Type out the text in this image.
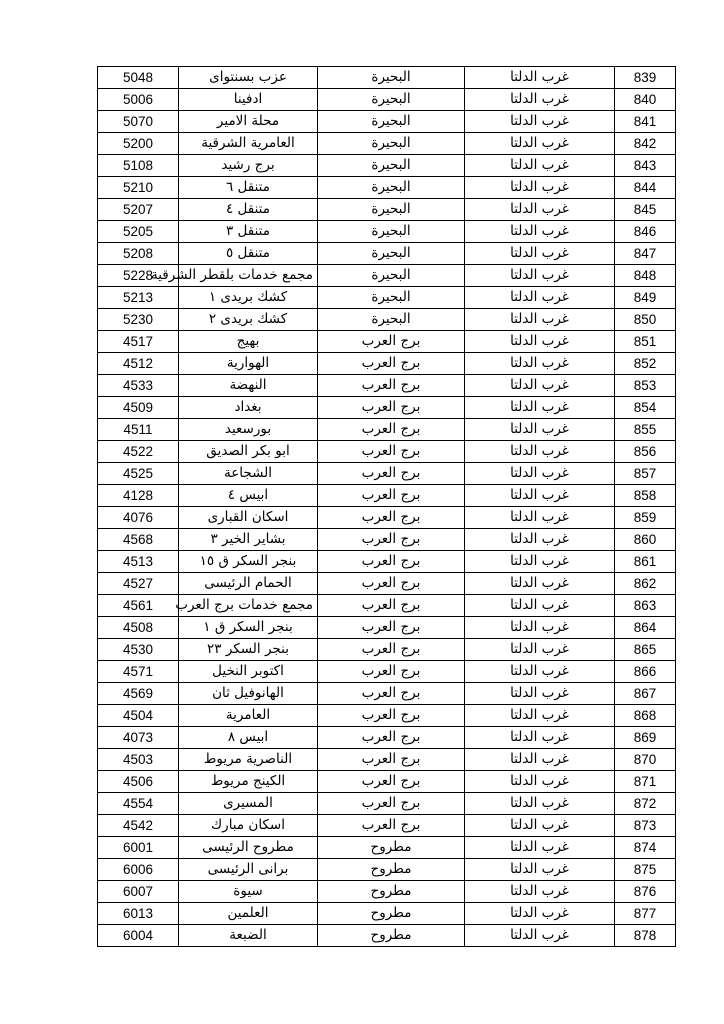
5048	عزب بسنتواى	البحيرة	غرب الدلتا	839
5006	ادفينا	البحيرة	غرب الدلتا	840
5070	محلة الامير	البحيرة	غرب الدلتا	841
5200	العامرية الشرقية	البحيرة	غرب الدلتا	842
5108	برج رشيد	البحيرة	غرب الدلتا	843
5210	متنقل ٦	البحيرة	غرب الدلتا	844
5207	متنقل ٤	البحيرة	غرب الدلتا	845
5205	متنقل ٣	البحيرة	غرب الدلتا	846
5208	متنقل ٥	البحيرة	غرب الدلتا	847
5228	مجمع خدمات بلقطر الشرقية	البحيرة	غرب الدلتا	848
5213	كشك بريدى ١	البحيرة	غرب الدلتا	849
5230	كشك بريدى ٢	البحيرة	غرب الدلتا	850
4517	بهيج	برج العرب	غرب الدلتا	851
4512	الهوارية	برج العرب	غرب الدلتا	852
4533	النهضة	برج العرب	غرب الدلتا	853
4509	بغداد	برج العرب	غرب الدلتا	854
4511	بورسعيد	برج العرب	غرب الدلتا	855
4522	ابو بكر الصديق	برج العرب	غرب الدلتا	856
4525	الشجاعة	برج العرب	غرب الدلتا	857
4128	ابيس ٤	برج العرب	غرب الدلتا	858
4076	اسكان القبارى	برج العرب	غرب الدلتا	859
4568	بشاير الخير ٣	برج العرب	غرب الدلتا	860
4513	بنجر السكر ق ١٥	برج العرب	غرب الدلتا	861
4527	الحمام الرئيسى	برج العرب	غرب الدلتا	862
4561	مجمع خدمات برج العرب	برج العرب	غرب الدلتا	863
4508	بنجر السكر ق ١	برج العرب	غرب الدلتا	864
4530	بنجر السكر ٢٣	برج العرب	غرب الدلتا	865
4571	اكتوبر النخيل	برج العرب	غرب الدلتا	866
4569	الهانوفيل ثان	برج العرب	غرب الدلتا	867
4504	العامرية	برج العرب	غرب الدلتا	868
4073	ابيس ٨	برج العرب	غرب الدلتا	869
4503	الناصرية مريوط	برج العرب	غرب الدلتا	870
4506	الكينج مريوط	برج العرب	غرب الدلتا	871
4554	المسيرى	برج العرب	غرب الدلتا	872
4542	اسكان مبارك	برج العرب	غرب الدلتا	873
6001	مطروح الرئيسى	مطروح	غرب الدلتا	874
6006	برانى الرئيسى	مطروح	غرب الدلتا	875
6007	سيوة	مطروح	غرب الدلتا	876
6013	العلمين	مطروح	غرب الدلتا	877
6004	الضبعة	مطروح	غرب الدلتا	878
